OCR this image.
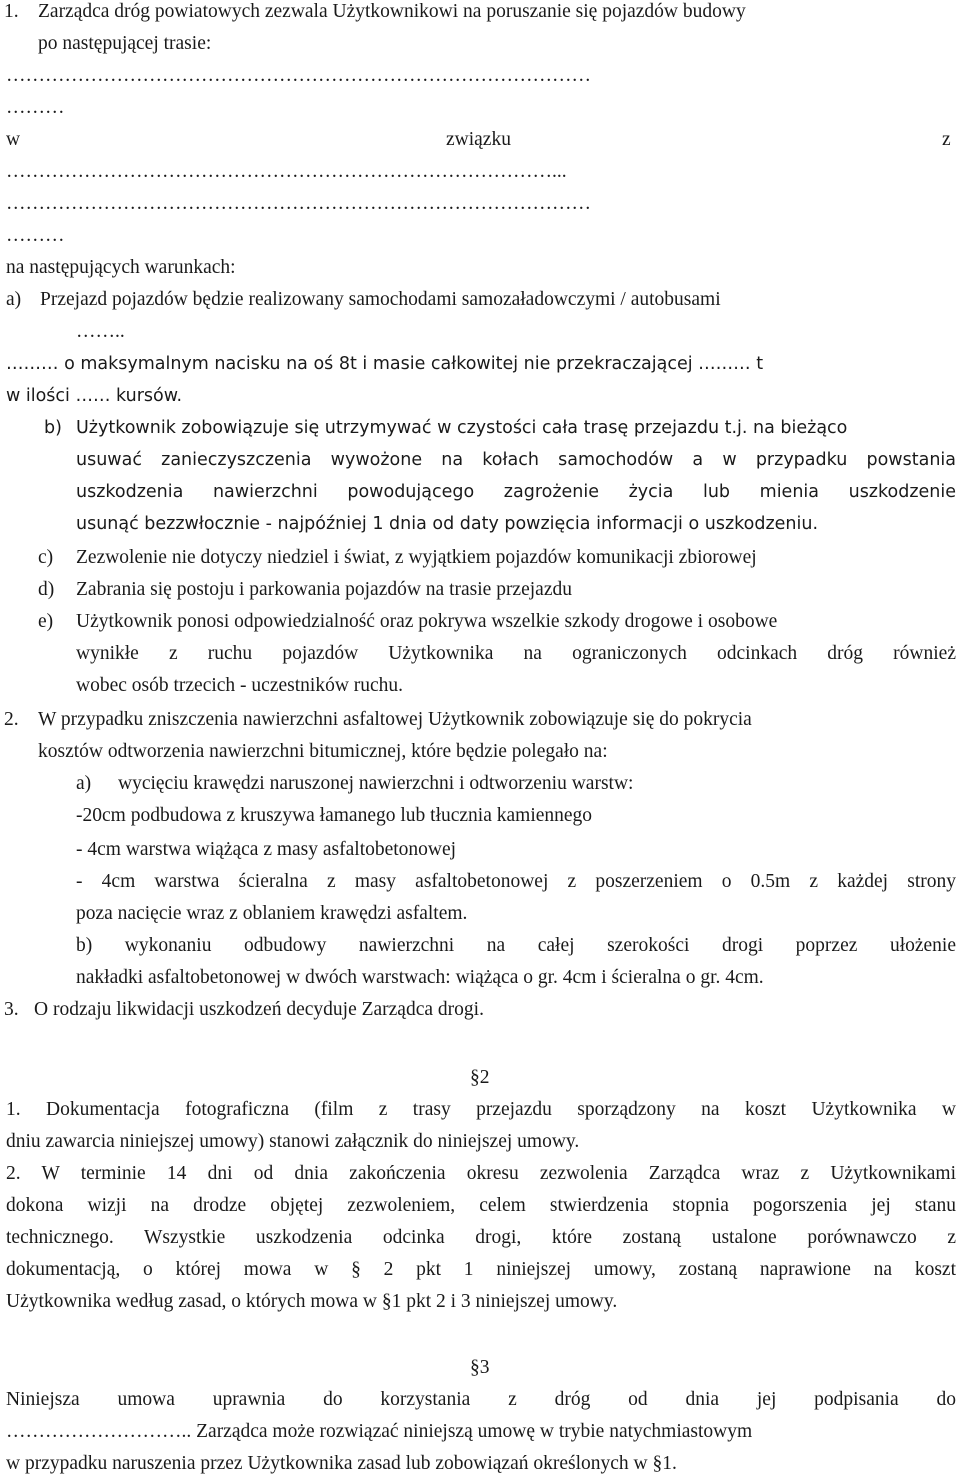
1. Zarządca dróg powiatowych zezwala Użytkownikowi na poruszanie się pojazdów budowy
po następującej trasie:
………………………………………………………………………………
………
w	związku	z
…………………………………………………………………………...
………………………………………………………………………………
………
na następujących warunkach:
a) Przejazd pojazdów będzie realizowany samochodami samozaładowczymi / autobusami
……..
……… o maksymalnym nacisku na oś 8t i masie całkowitej nie przekraczającej ……… t
w ilości …… kursów.
b) Użytkownik zobowiązuje się utrzymywać w czystości cała trasę przejazdu t.j. na bieżąco
usuwać zanieczyszczenia wywożone na kołach samochodów a w przypadku powstania
uszkodzenia nawierzchni powodującego zagrożenie życia lub mienia uszkodzenie
usunąć bezzwłocznie - najpóźniej 1 dnia od daty powzięcia informacji o uszkodzeniu.
c) Zezwolenie nie dotyczy niedziel i świat, z wyjątkiem pojazdów komunikacji zbiorowej
d) Zabrania się postoju i parkowania pojazdów na trasie przejazdu
e) Użytkownik ponosi odpowiedzialność oraz pokrywa wszelkie szkody drogowe i osobowe
wynikłe z ruchu pojazdów Użytkownika na ograniczonych odcinkach dróg również
wobec osób trzecich - uczestników ruchu.
2. W przypadku zniszczenia nawierzchni asfaltowej Użytkownik zobowiązuje się do pokrycia
kosztów odtworzenia nawierzchni bitumicznej, które będzie polegało na:
a) wycięciu krawędzi naruszonej nawierzchni i odtworzeniu warstw:
-20cm podbudowa z kruszywa łamanego lub tłucznia kamiennego
- 4cm warstwa wiążąca z masy asfaltobetonowej
- 4cm warstwa ścieralna z masy asfaltobetonowej z poszerzeniem o 0.5m z każdej strony
poza nacięcie wraz z oblaniem krawędzi asfaltem.
b) wykonaniu odbudowy nawierzchni na całej szerokości drogi poprzez ułożenie
nakładki asfaltobetonowej w dwóch warstwach: wiążąca o gr. 4cm i ścieralna o gr. 4cm.
3. O rodzaju likwidacji uszkodzeń decyduje Zarządca drogi.
§2
1. Dokumentacja fotograficzna (film z trasy przejazdu sporządzony na koszt Użytkownika w
dniu zawarcia niniejszej umowy) stanowi załącznik do niniejszej umowy.
2. W terminie 14 dni od dnia zakończenia okresu zezwolenia Zarządca wraz z Użytkownikami
dokona wizji na drodze objętej zezwoleniem, celem stwierdzenia stopnia pogorszenia jej stanu
technicznego. Wszystkie uszkodzenia odcinka drogi, które zostaną ustalone porównawczo z
dokumentacją, o której mowa w § 2 pkt 1 niniejszej umowy, zostaną naprawione na koszt
Użytkownika według zasad, o których mowa w §1 pkt 2 i 3 niniejszej umowy.
§3
Niniejsza umowa uprawnia do korzystania z dróg od dnia jej podpisania do
……………………….. Zarządca może rozwiązać niniejszą umowę w trybie natychmiastowym
w przypadku naruszenia przez Użytkownika zasad lub zobowiązań określonych w §1.
